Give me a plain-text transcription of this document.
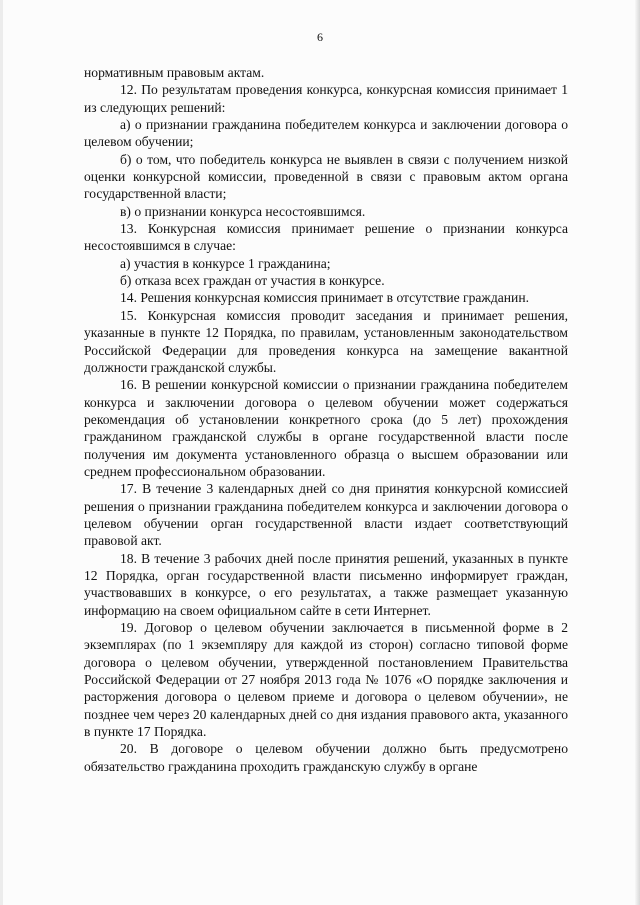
6

нормативным правовым актам.

12. По результатам проведения конкурса, конкурсная комиссия принимает 1 из следующих решений:

а) о признании гражданина победителем конкурса и заключении договора о целевом обучении;

б) о том, что победитель конкурса не выявлен в связи с получением низкой оценки конкурсной комиссии, проведенной в связи с правовым актом органа государственной власти;

в) о признании конкурса несостоявшимся.

13. Конкурсная комиссия принимает решение о признании конкурса несостоявшимся в случае:

а) участия в конкурсе 1 гражданина;

б) отказа всех граждан от участия в конкурсе.

14. Решения конкурсная комиссия принимает в отсутствие гражданин.

15. Конкурсная комиссия проводит заседания и принимает решения, указанные в пункте 12 Порядка, по правилам, установленным законодательством Российской Федерации для проведения конкурса на замещение вакантной должности гражданской службы.

16. В решении конкурсной комиссии о признании гражданина победителем конкурса и заключении договора о целевом обучении может содержаться рекомендация об установлении конкретного срока (до 5 лет) прохождения гражданином гражданской службы в органе государственной власти после получения им документа установленного образца о высшем образовании или среднем профессиональном образовании.

17. В течение 3 календарных дней со дня принятия конкурсной комиссией решения о признании гражданина победителем конкурса и заключении договора о целевом обучении орган государственной власти издает соответствующий правовой акт.

18. В течение 3 рабочих дней после принятия решений, указанных в пункте 12 Порядка, орган государственной власти письменно информирует граждан, участвовавших в конкурсе, о его результатах, а также размещает указанную информацию на своем официальном сайте в сети Интернет.

19. Договор о целевом обучении заключается в письменной форме в 2 экземплярах (по 1 экземпляру для каждой из сторон) согласно типовой форме договора о целевом обучении, утвержденной постановлением Правительства Российской Федерации от 27 ноября 2013 года № 1076 «О порядке заключения и расторжения договора о целевом приеме и договора о целевом обучении», не позднее чем через 20 календарных дней со дня издания правового акта, указанного в пункте 17 Порядка.

20. В договоре о целевом обучении должно быть предусмотрено обязательство гражданина проходить гражданскую службу в органе
